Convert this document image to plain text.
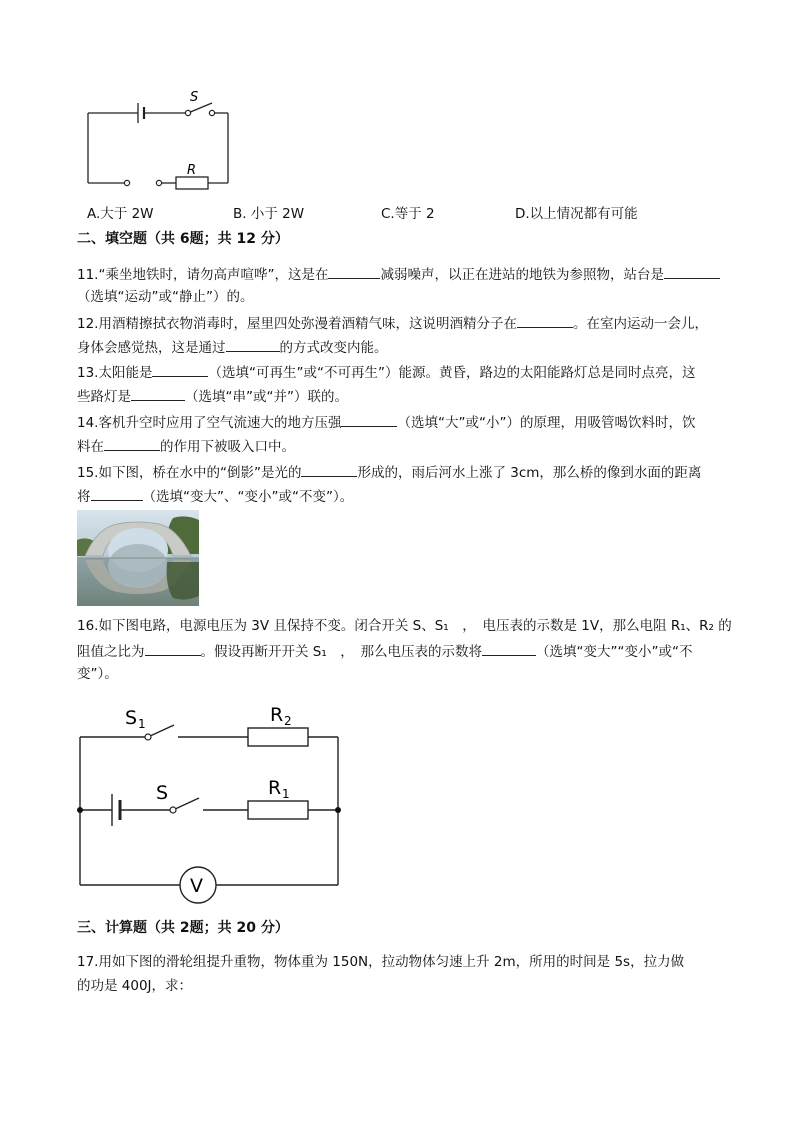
S
R
A.大于 2W	B. 小于 2W	C.等于 2	D.以上情况都有可能
二、填空题（共 6题；共 12 分）
11.“乘坐地铁时，请勿高声喧哗”，这是在	减弱噪声，以正在进站的地铁为参照物，站台是
（选填“运动”或“静止”）的。
12.用酒精擦拭衣物消毒时，屋里四处弥漫着酒精气味，这说明酒精分子在	。在室内运动一会儿，
身体会感觉热，这是通过	的方式改变内能。
13.太阳能是	（选填“可再生”或“不可再生”）能源。黄昏，路边的太阳能路灯总是同时点亮，这
些路灯是	（选填“串”或“并”）联的。
14.客机升空时应用了空气流速大的地方压强	（选填“大”或“小”）的原理，用吸管喝饮料时，饮
料在	的作用下被吸入口中。
15.如下图，桥在水中的“倒影”是光的	形成的，雨后河水上涨了 3cm，那么桥的像到水面的距离
将	（选填“变大”、“变小”或“不变”）。
16.如下图电路，电源电压为 3V 且保持不变。闭合开关 S、S₁　，　电压表的示数是 1V，那么电阻 R₁、R₂ 的
阻值之比为	。假设再断开开关 S₁　，　那么电压表的示数将	（选填“变大”“变小”或“不
变”）。
S 1	R 2
S	R 1
V
三、计算题（共 2题；共 20 分）
17.用如下图的滑轮组提升重物，物体重为 150N，拉动物体匀速上升 2m，所用的时间是 5s，拉力做
的功是 400J，求：
